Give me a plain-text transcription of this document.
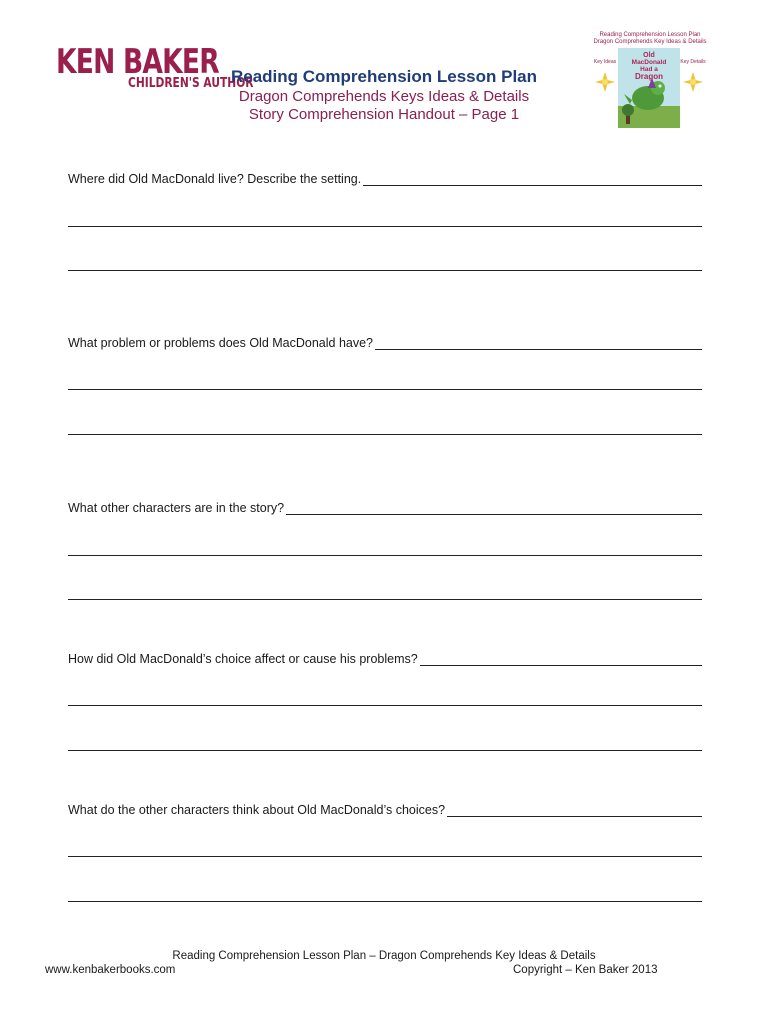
KEN BAKER
CHILDREN'S AUTHOR
Reading Comprehension Lesson Plan
Dragon Comprehends Keys Ideas & Details
Story Comprehension Handout – Page 1
Reading Comprehension Lesson Plan
Dragon Comprehends Key Ideas & Details
Old
MacDonald
Had a
Dragon
Key Ideas	Key Details
Where did Old MacDonald live? Describe the setting.
What problem or problems does Old MacDonald have?
What other characters are in the story?
How did Old MacDonald’s choice affect or cause his problems?
What do the other characters think about Old MacDonald’s choices?
Reading Comprehension Lesson Plan – Dragon Comprehends Key Ideas & Details
www.kenbakerbooks.com	Copyright – Ken Baker 2013
